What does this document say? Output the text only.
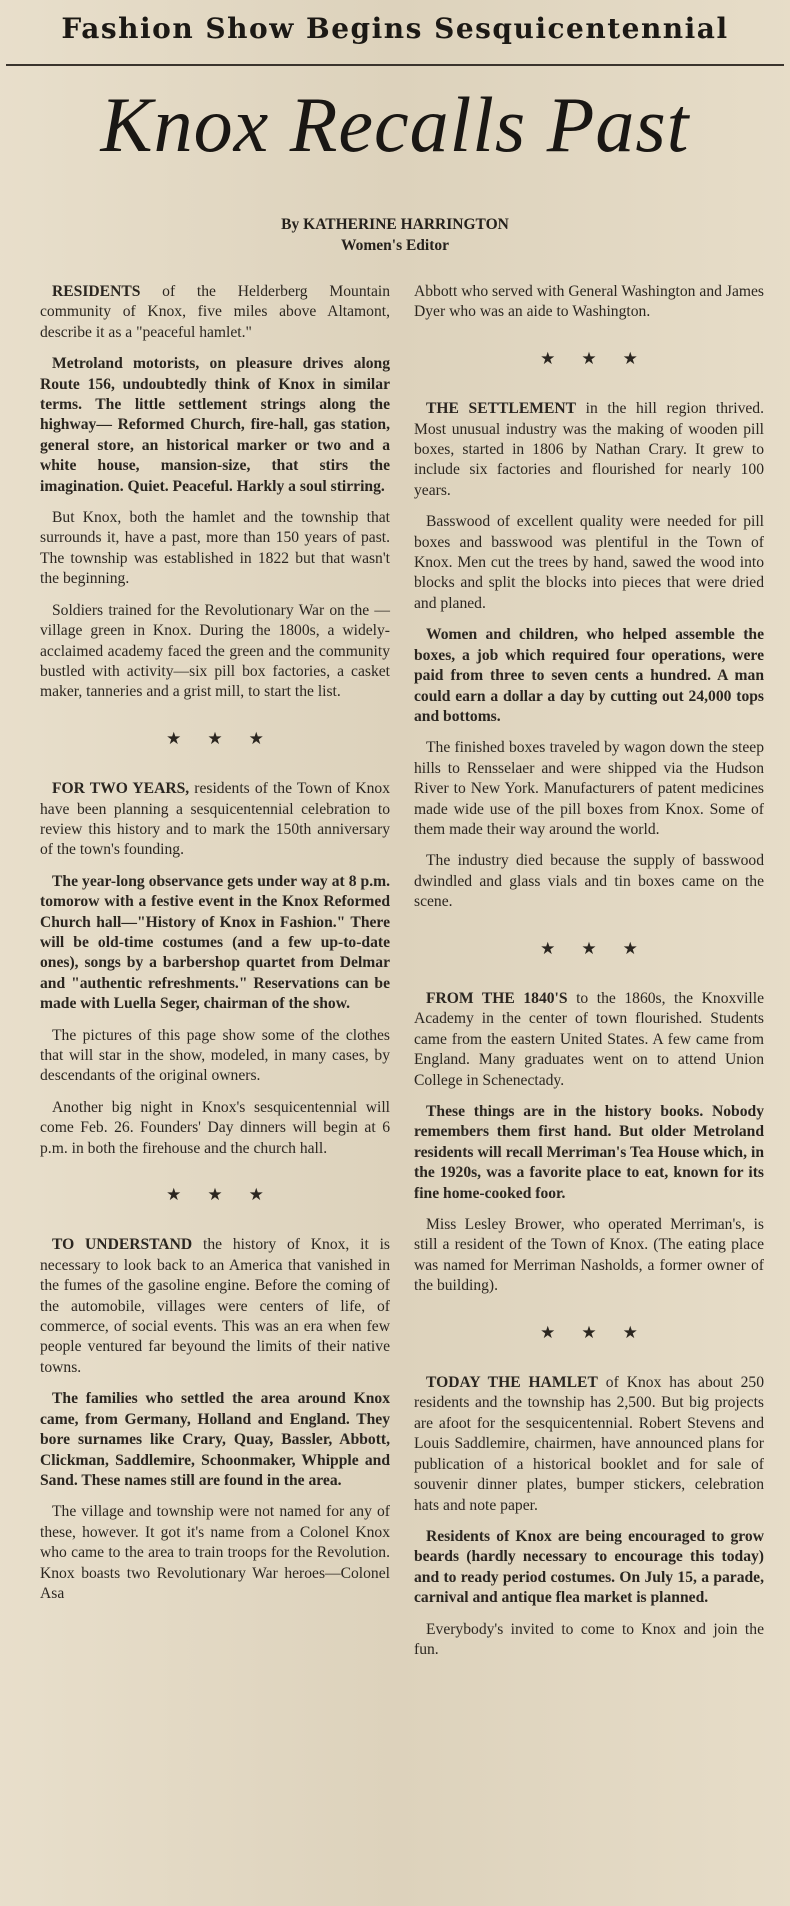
Fashion Show Begins Sesquicentennial
Knox Recalls Past
By KATHERINE HARRINGTON
Women's Editor

RESIDENTS of the Helderberg Mountain community of Knox, five miles above Altamont, describe it as a "peaceful hamlet."

Metroland motorists, on pleasure drives along Route 156, undoubtedly think of Knox in similar terms. The little settlement strings along the highway— Reformed Church, fire-hall, gas station, general store, an historical marker or two and a white house, mansion-size, that stirs the imagination. Quiet. Peaceful. Harkly a soul stirring.

But Knox, both the hamlet and the township that surrounds it, have a past, more than 150 years of past. The township was established in 1822 but that wasn't the beginning.

Soldiers trained for the Revolutionary War on the — village green in Knox. During the 1800s, a widely-acclaimed academy faced the green and the community bustled with activity—six pill box factories, a casket maker, tanneries and a grist mill, to start the list.

★★★

FOR TWO YEARS, residents of the Town of Knox have been planning a sesquicentennial celebration to review this history and to mark the 150th anniversary of the town's founding.

The year-long observance gets under way at 8 p.m. tomorow with a festive event in the Knox Reformed Church hall—"History of Knox in Fashion." There will be old-time costumes (and a few up-to-date ones), songs by a barbershop quartet from Delmar and "authentic refreshments." Reservations can be made with Luella Seger, chairman of the show.

The pictures of this page show some of the clothes that will star in the show, modeled, in many cases, by descendants of the original owners.

Another big night in Knox's sesquicentennial will come Feb. 26. Founders' Day dinners will begin at 6 p.m. in both the firehouse and the church hall.

★★★

TO UNDERSTAND the history of Knox, it is necessary to look back to an America that vanished in the fumes of the gasoline engine. Before the coming of the automobile, villages were centers of life, of commerce, of social events. This was an era when few people ventured far beyound the limits of their native towns.

The families who settled the area around Knox came, from Germany, Holland and England. They bore surnames like Crary, Quay, Bassler, Abbott, Clickman, Saddlemire, Schoonmaker, Whipple and Sand. These names still are found in the area.

The village and township were not named for any of these, however. It got it's name from a Colonel Knox who came to the area to train troops for the Revolution. Knox boasts two Revolutionary War heroes—Colonel Asa

Abbott who served with General Washington and James Dyer who was an aide to Washington.

★★★

THE SETTLEMENT in the hill region thrived. Most unusual industry was the making of wooden pill boxes, started in 1806 by Nathan Crary. It grew to include six factories and flourished for nearly 100 years.

Basswood of excellent quality were needed for pill boxes and basswood was plentiful in the Town of Knox. Men cut the trees by hand, sawed the wood into blocks and split the blocks into pieces that were dried and planed.

Women and children, who helped assemble the boxes, a job which required four operations, were paid from three to seven cents a hundred. A man could earn a dollar a day by cutting out 24,000 tops and bottoms.

The finished boxes traveled by wagon down the steep hills to Rensselaer and were shipped via the Hudson River to New York. Manufacturers of patent medicines made wide use of the pill boxes from Knox. Some of them made their way around the world.

The industry died because the supply of basswood dwindled and glass vials and tin boxes came on the scene.

★★★

FROM THE 1840'S to the 1860s, the Knoxville Academy in the center of town flourished. Students came from the eastern United States. A few came from England. Many graduates went on to attend Union College in Schenectady.

These things are in the history books. Nobody remembers them first hand. But older Metroland residents will recall Merriman's Tea House which, in the 1920s, was a favorite place to eat, known for its fine home-cooked foor.

Miss Lesley Brower, who operated Merriman's, is still a resident of the Town of Knox. (The eating place was named for Merriman Nasholds, a former owner of the building).

★★★

TODAY THE HAMLET of Knox has about 250 residents and the township has 2,500. But big projects are afoot for the sesquicentennial. Robert Stevens and Louis Saddlemire, chairmen, have announced plans for publication of a historical booklet and for sale of souvenir dinner plates, bumper stickers, celebration hats and note paper.

Residents of Knox are being encouraged to grow beards (hardly necessary to encourage this today) and to ready period costumes. On July 15, a parade, carnival and antique flea market is planned.

Everybody's invited to come to Knox and join the fun.
